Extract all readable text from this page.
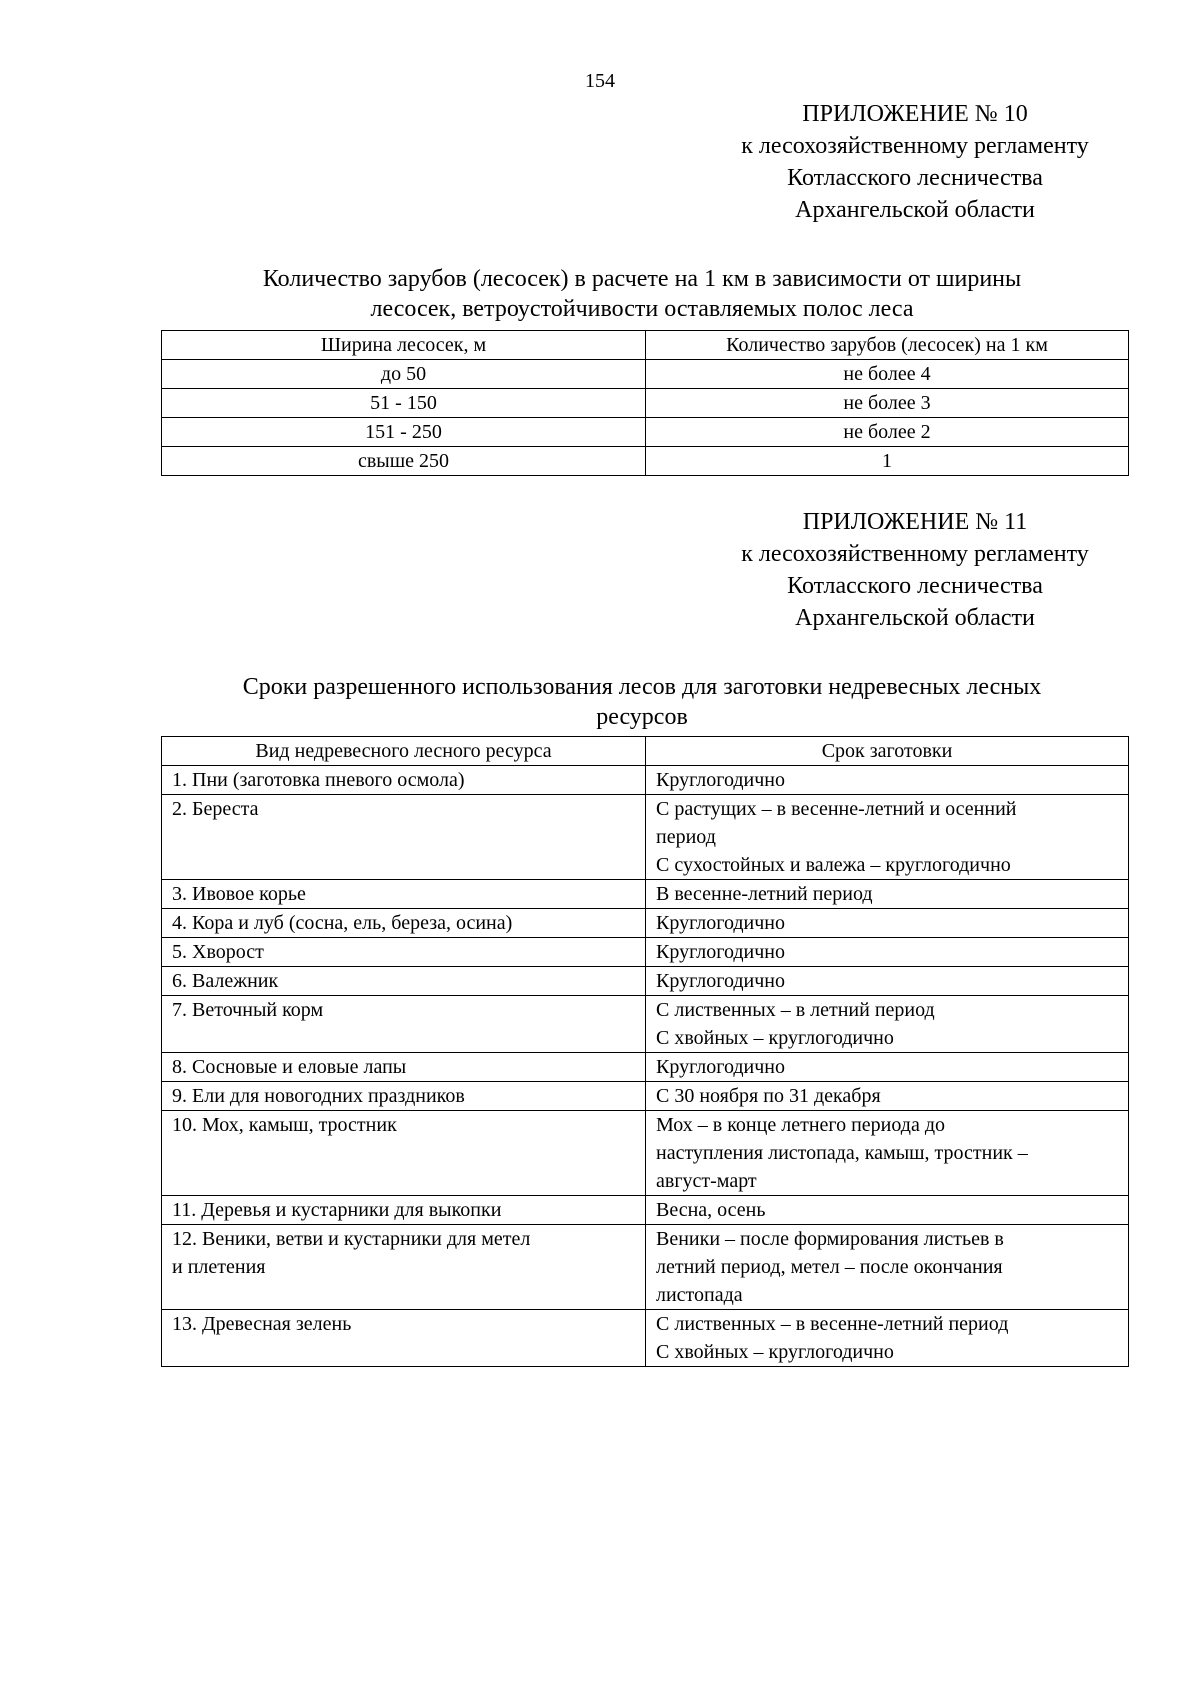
154
ПРИЛОЖЕНИЕ № 10
к лесохозяйственному регламенту
Котласского лесничества
Архангельской области
Количество зарубов (лесосек) в расчете на 1 км в зависимости от ширины
лесосек, ветроустойчивости оставляемых полос леса
Ширина лесосек, м	Количество зарубов (лесосек) на 1 км
до 50	не более 4
51 - 150	не более 3
151 - 250	не более 2
свыше 250	1
ПРИЛОЖЕНИЕ № 11
к лесохозяйственному регламенту
Котласского лесничества
Архангельской области
Сроки разрешенного использования лесов для заготовки недревесных лесных
ресурсов
Вид недревесного лесного ресурса	Срок заготовки

1. Пни (заготовка пневого осмола)	Круглогодично

2. Береста	С растущих – в весенне-летний и осенний
период
С сухостойных и валежа – круглогодично

3. Ивовое корье	В весенне-летний период

4. Кора и луб (сосна, ель, береза, осина)	Круглогодично

5. Хворост	Круглогодично

6. Валежник	Круглогодично

7. Веточный корм	С лиственных – в летний период
С хвойных – круглогодично

8. Сосновые и еловые лапы	Круглогодично

9. Ели для новогодних праздников	С 30 ноября по 31 декабря

10. Мох, камыш, тростник	Мох – в конце летнего периода до
наступления листопада, камыш, тростник –
август-март

11. Деревья и кустарники для выкопки	Весна, осень

12. Веники, ветви и кустарники для метел
и плетения	Веники – после формирования листьев в
летний период, метел – после окончания
листопада

13. Древесная зелень	С лиственных – в весенне-летний период
С хвойных – круглогодично
